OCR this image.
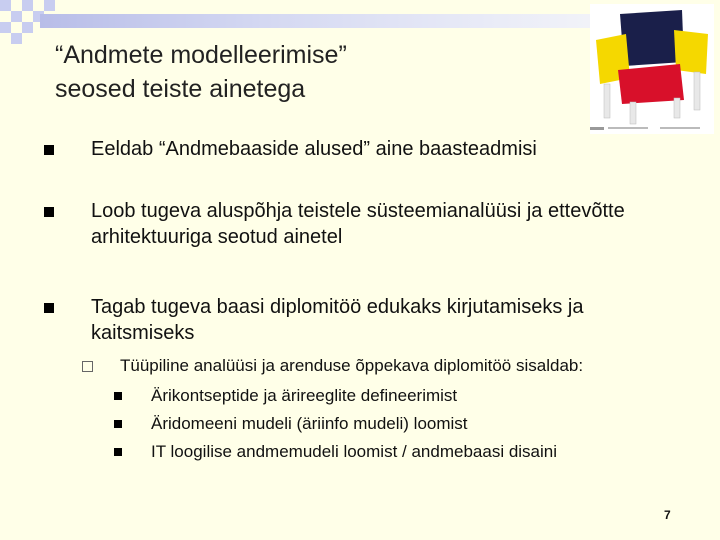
“Andmete modelleerimise”
seosed teiste ainetega
Eeldab “Andmebaaside alused” aine baasteadmisi
Loob tugeva aluspõhja teistele süsteemianalüüsi ja ettevõtte arhitektuuriga seotud ainetel
Tagab tugeva baasi diplomitöö edukaks kirjutamiseks ja kaitsmiseks
Tüüpiline analüüsi ja arenduse õppekava diplomitöö sisaldab:
Ärikontseptide ja ärireeglite defineerimist
Äridomeeni mudeli (äriinfo mudeli) loomist
IT loogilise andmemudeli loomist / andmebaasi disaini
7
